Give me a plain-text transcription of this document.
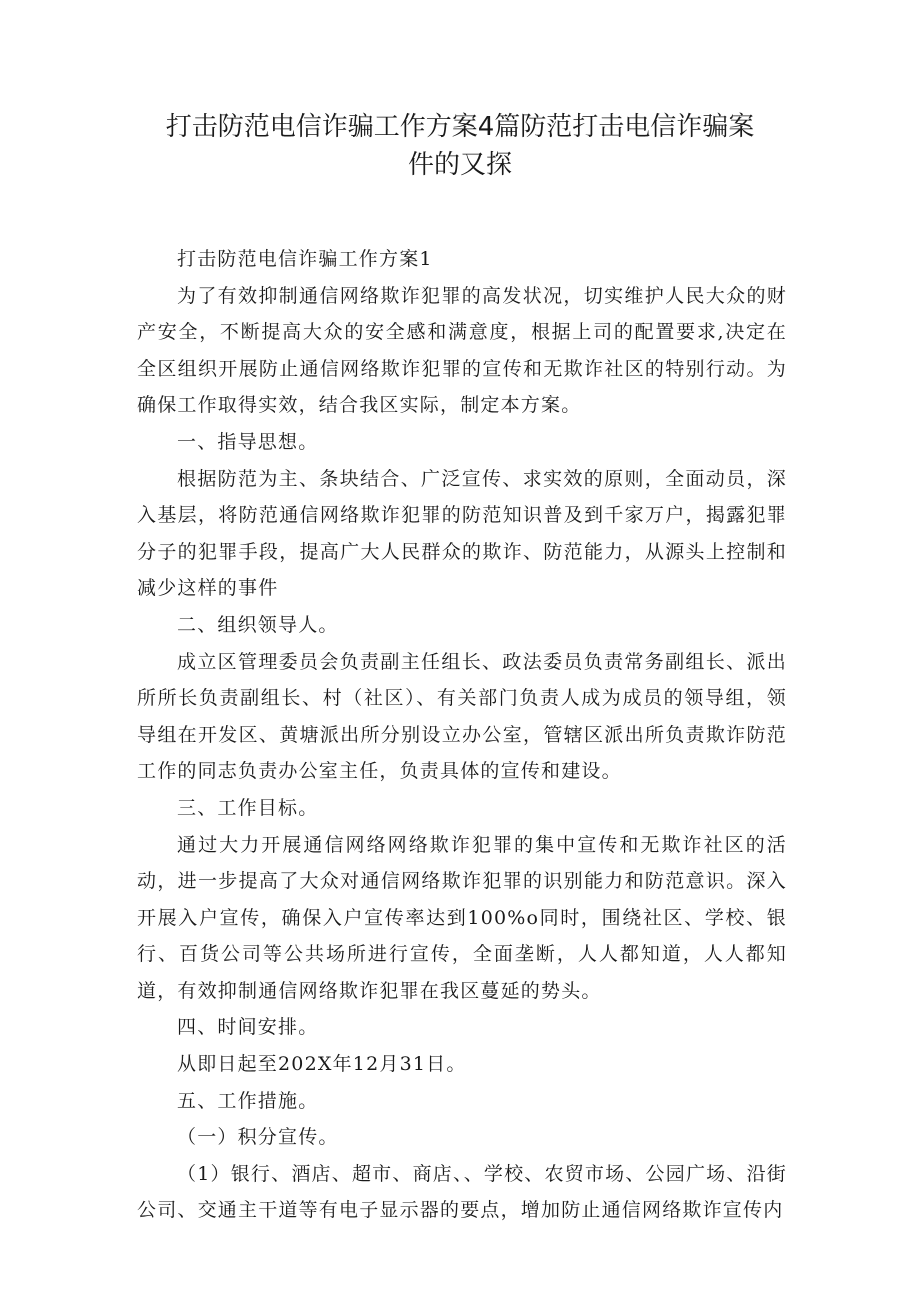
打击防范电信诈骗工作方案4篇防范打击电信诈骗案
件的又探

打击防范电信诈骗工作方案1

为了有效抑制通信网络欺诈犯罪的高发状况，切实维护人民大众的财产安全，不断提高大众的安全感和满意度，根据上司的配置要求,决定在全区组织开展防止通信网络欺诈犯罪的宣传和无欺诈社区的特别行动。为确保工作取得实效，结合我区实际，制定本方案。

一、指导思想。

根据防范为主、条块结合、广泛宣传、求实效的原则，全面动员，深入基层，将防范通信网络欺诈犯罪的防范知识普及到千家万户，揭露犯罪分子的犯罪手段，提高广大人民群众的欺诈、防范能力，从源头上控制和减少这样的事件

二、组织领导人。

成立区管理委员会负责副主任组长、政法委员负责常务副组长、派出所所长负责副组长、村（社区）、有关部门负责人成为成员的领导组，领导组在开发区、黄塘派出所分别设立办公室，管辖区派出所负责欺诈防范工作的同志负责办公室主任，负责具体的宣传和建设。

三、工作目标。

通过大力开展通信网络网络欺诈犯罪的集中宣传和无欺诈社区的活动，进一步提高了大众对通信网络欺诈犯罪的识别能力和防范意识。深入开展入户宣传，确保入户宣传率达到100%o同时，围绕社区、学校、银行、百货公司等公共场所进行宣传，全面垄断，人人都知道，人人都知道，有效抑制通信网络欺诈犯罪在我区蔓延的势头。

四、时间安排。

从即日起至202X年12月31日。

五、工作措施。

（一）积分宣传。

（1）银行、酒店、超市、商店、、学校、农贸市场、公园广场、沿街公司、交通主干道等有电子显示器的要点，增加防止通信网络欺诈宣传内
